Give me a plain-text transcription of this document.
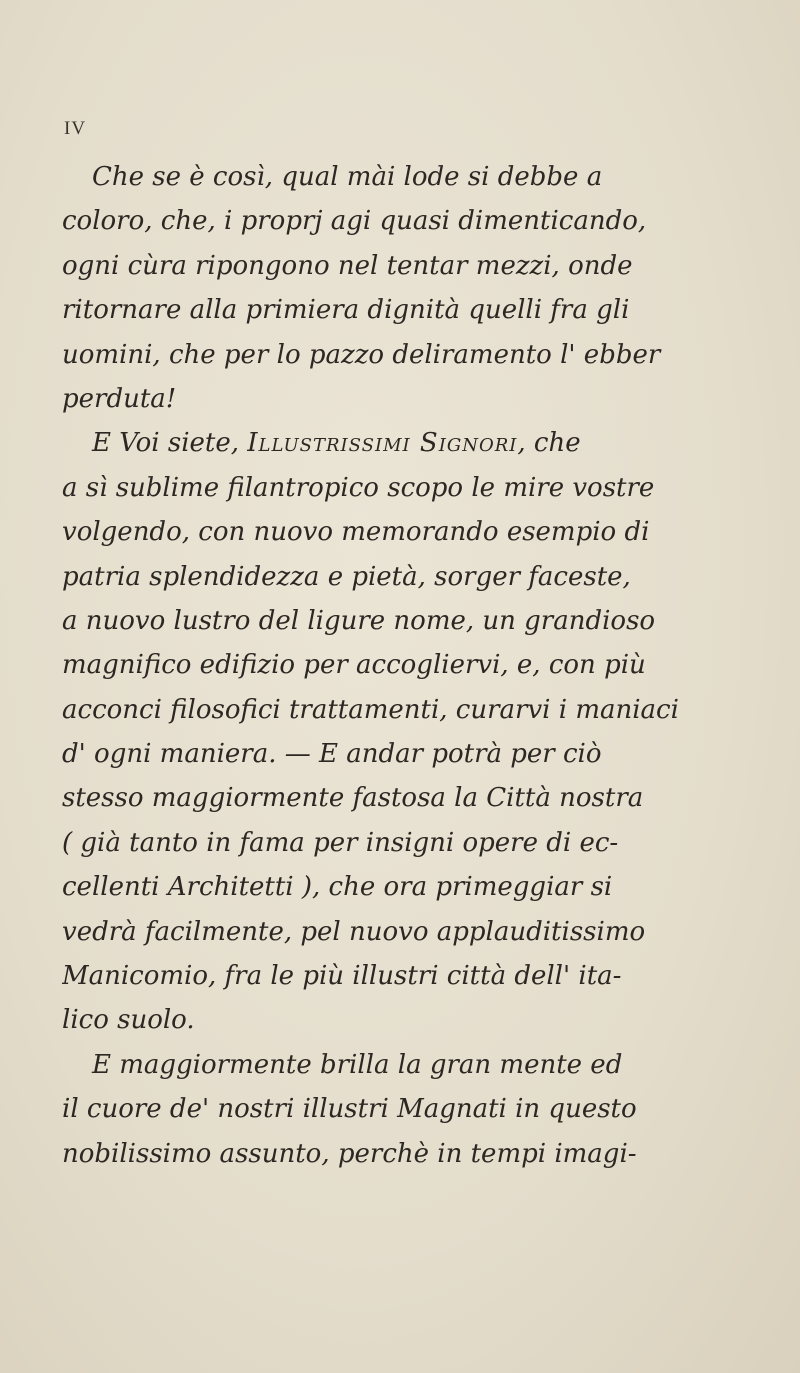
IV
Che se è così, qual mài lode si debbe a
coloro, che, i proprj agi quasi dimenticando,
ogni cùra ripongono nel tentar mezzi, onde
ritornare alla primiera dignità quelli fra gli
uomini, che per lo pazzo deliramento l' ebber
perduta!
E Voi siete, Illustrissimi Signori, che
a sì sublime filantropico scopo le mire vostre
volgendo, con nuovo memorando esempio di
patria splendidezza e pietà, sorger faceste,
a nuovo lustro del ligure nome, un grandioso
magnifico edifizio per accogliervi, e, con più
acconci filosofici trattamenti, curarvi i maniaci
d' ogni maniera. — E andar potrà per ciò
stesso maggiormente fastosa la Città nostra
( già tanto in fama per insigni opere di ec-
cellenti Architetti ), che ora primeggiar si
vedrà facilmente, pel nuovo applauditissimo
Manicomio, fra le più illustri città dell' ita-
lico suolo.
E maggiormente brilla la gran mente ed
il cuore de' nostri illustri Magnati in questo
nobilissimo assunto, perchè in tempi imagi-
